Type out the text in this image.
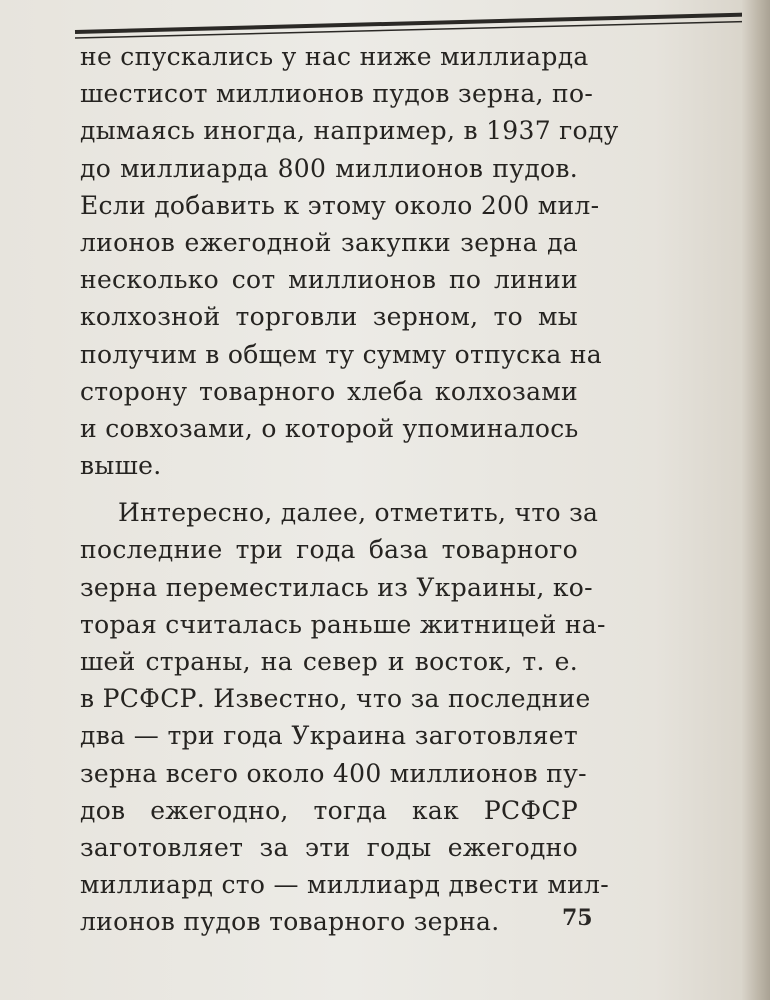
не спускались у нас ниже миллиарда
шестисот миллионов пудов зерна, по-
дымаясь иногда, например, в 1937 году
до миллиарда 800 миллионов пудов.
Если добавить к этому около 200 мил-
лионов ежегодной закупки зерна да
несколько сот миллионов по линии
колхозной торговли зерном, то мы
получим в общем ту сумму отпуска на
сторону товарного хлеба колхозами
и совхозами, о которой упоминалось
выше.
Интересно, далее, отметить, что за
последние три года база товарного
зерна переместилась из Украины, ко-
торая считалась раньше житницей на-
шей страны, на север и восток, т. е.
в РСФСР. Известно, что за последние
два — три года Украина заготовляет
зерна всего около 400 миллионов пу-
дов ежегодно, тогда как РСФСР
заготовляет за эти годы ежегодно
миллиард сто — миллиард двести мил-
лионов пудов товарного зерна.	75
